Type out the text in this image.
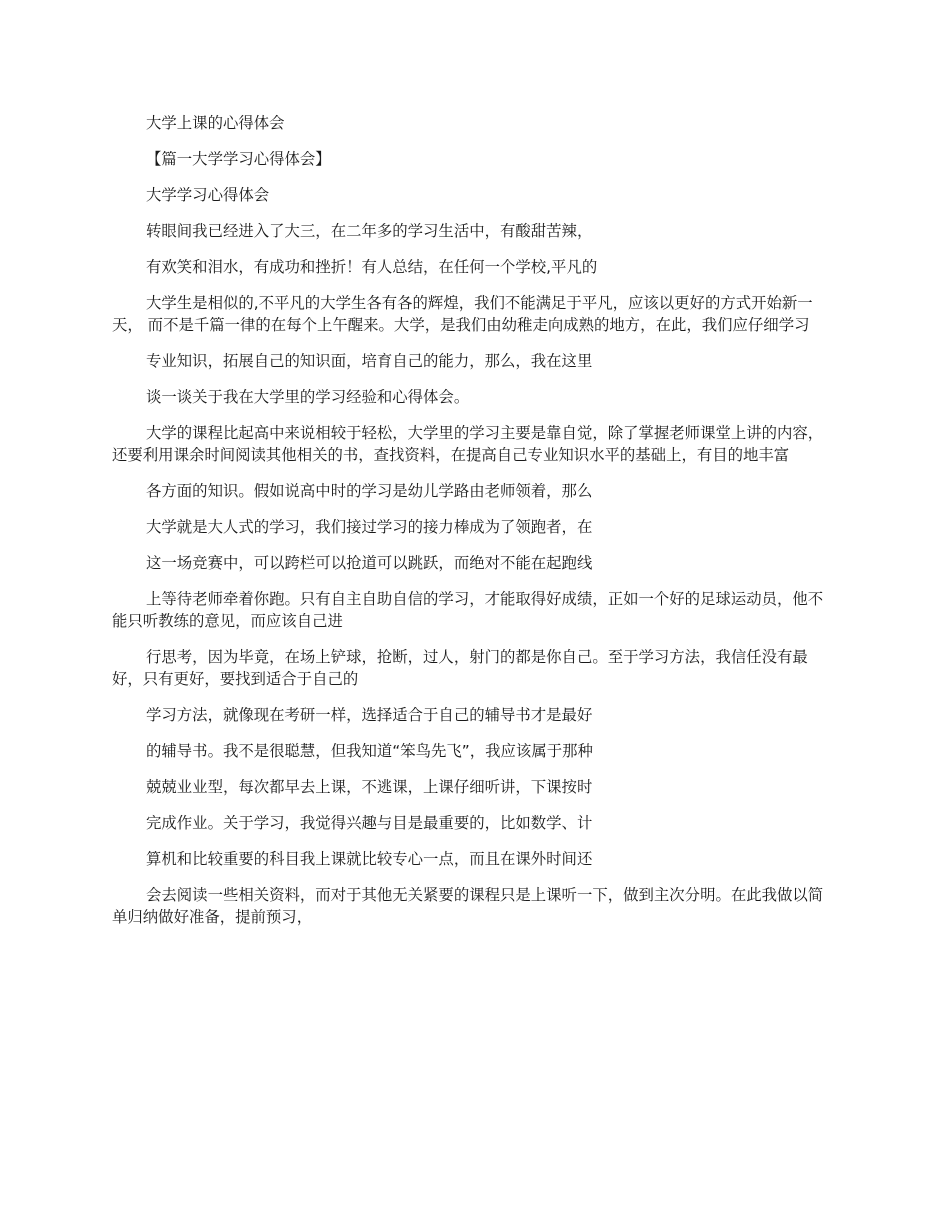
大学上课的心得体会

【篇一大学学习心得体会】

大学学习心得体会

转眼间我已经进入了大三，在二年多的学习生活中，有酸甜苦辣，

有欢笑和泪水，有成功和挫折！有人总结，在任何一个学校,平凡的

大学生是相似的,不平凡的大学生各有各的辉煌，我们不能满足于平凡，应该以更好的方式开始新一天， 而不是千篇一律的在每个上午醒来。大学，是我们由幼稚走向成熟的地方，在此，我们应仔细学习

专业知识，拓展自己的知识面，培育自己的能力，那么，我在这里

谈一谈关于我在大学里的学习经验和心得体会。

大学的课程比起高中来说相较于轻松，大学里的学习主要是靠自觉，除了掌握老师课堂上讲的内容，还要利用课余时间阅读其他相关的书，查找资料，在提高自己专业知识水平的基础上，有目的地丰富

各方面的知识。假如说高中时的学习是幼儿学路由老师领着，那么

大学就是大人式的学习，我们接过学习的接力棒成为了领跑者，在

这一场竞赛中，可以跨栏可以抢道可以跳跃，而绝对不能在起跑线

上等待老师牵着你跑。只有自主自助自信的学习，才能取得好成绩，正如一个好的足球运动员，他不能只听教练的意见，而应该自己进

行思考，因为毕竟，在场上铲球，抢断，过人，射门的都是你自己。至于学习方法，我信任没有最好，只有更好，要找到适合于自己的

学习方法，就像现在考研一样，选择适合于自己的辅导书才是最好

的辅导书。我不是很聪慧，但我知道“笨鸟先飞”，我应该属于那种

兢兢业业型，每次都早去上课，不逃课，上课仔细听讲，下课按时

完成作业。关于学习，我觉得兴趣与目是最重要的，比如数学、计

算机和比较重要的科目我上课就比较专心一点，而且在课外时间还

会去阅读一些相关资料，而对于其他无关紧要的课程只是上课听一下，做到主次分明。在此我做以简单归纳做好准备，提前预习，
